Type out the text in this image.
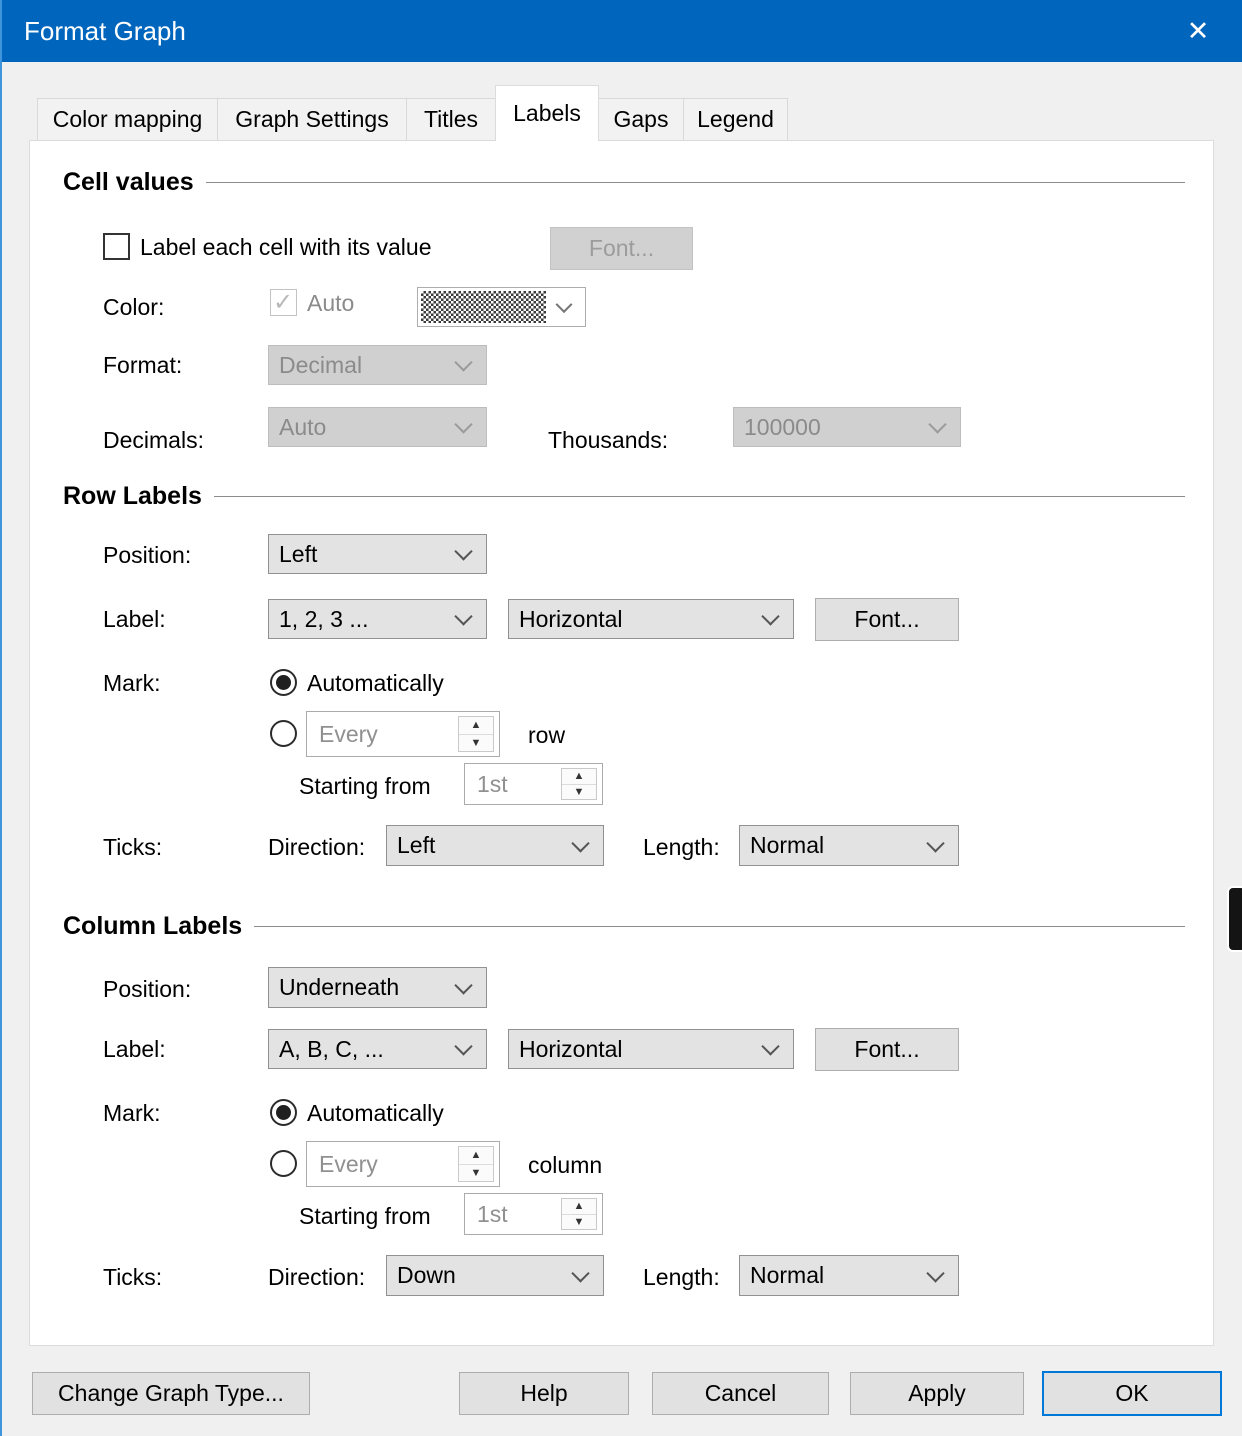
Format Graph	✕
Color mapping Graph Settings Titles Labels Gaps Legend
Cell values
Label each cell with its value	Font...
Color: ✓	Auto
Format:	Decimal
Decimals:	Auto	Thousands:	100000
Row Labels
Position:	Left
Label:	1, 2, 3 ...	Horizontal	Font...
Mark:	Automatically
Every ▲ ▼	row
Starting from 1st
▲
▼
Ticks:	Direction: Left	Length: Normal
Column Labels
Position:	Underneath
Label:	A, B, C, ...	Horizontal	Font...
Mark:	Automatically
Every ▲ ▼	column
Starting from 1st
▲
▼
Ticks:	Direction: Down	Length: Normal
Change Graph Type...	Help	Cancel	Apply	OK
